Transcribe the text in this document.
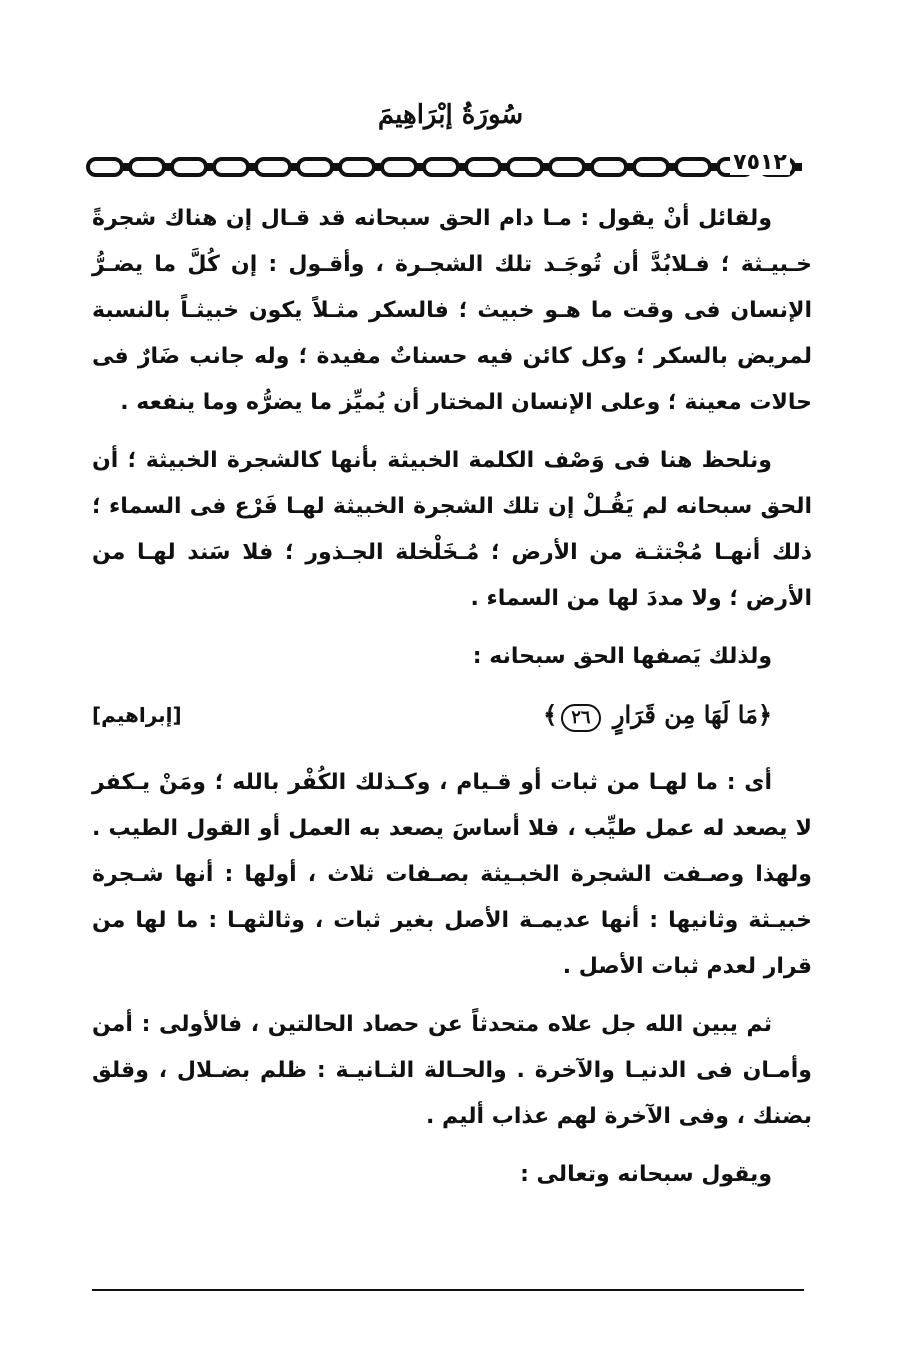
سُورَةُ إبْرَاهِيمَ
٧٥١٢

ولقائل أنْ يقول : مـا دام الحق سبحانه قد قـال إن هناك شجرةً خـبيـثة ؛ فـلابُدَّ أن تُوجَـد تلك الشجـرة ، وأقـول : إن كُلَّ ما يضـرُّ الإنسان فى وقت ما هـو خبيث ؛ فالسكر مثـلاً يكون خبيثـاً بالنسبة لمريض بالسكر ؛ وكل كائن فيه حسناتٌ مفيدة ؛ وله جانب ضَارٌ فى حالات معينة ؛ وعلى الإنسان المختار أن يُميِّز ما يضرُّه وما ينفعه .

ونلحظ هنا فى وَصْف الكلمة الخبيثة بأنها كالشجرة الخبيثة ؛ أن الحق سبحانه لم يَقُـلْ إن تلك الشجرة الخبيثة لهـا فَرْع فى السماء ؛ ذلك أنهـا مُجْتثـة من الأرض ؛ مُـخَلْخلة الجـذور ؛ فلا سَند لهـا من الأرض ؛ ولا مددَ لها من السماء .

ولذلك يَصفها الحق سبحانه :

﴿مَا لَهَا مِن قَرَارٍ ٢٦﴾
[إبراهيم]

أى : ما لهـا من ثبات أو قـيام ، وكـذلك الكُفْر بالله ؛ ومَنْ يـكفر لا يصعد له عمل طيِّب ، فلا أساسَ يصعد به العمل أو القول الطيب . ولهذا وصـفت الشجرة الخبـيثة بصـفات ثلاث ، أولها : أنها شـجرة خبيـثة وثانيها : أنها عديمـة الأصل بغير ثبات ، وثالثهـا : ما لها من قرار لعدم ثبات الأصل .

ثم يبين الله جل علاه متحدثاً عن حصاد الحالتين ، فالأولى : أمن وأمـان فى الدنيـا والآخرة . والحـالة الثـانيـة : ظلم بضـلال ، وقلق بضنك ، وفى الآخرة لهم عذاب أليم .

ويقول سبحانه وتعالى :
